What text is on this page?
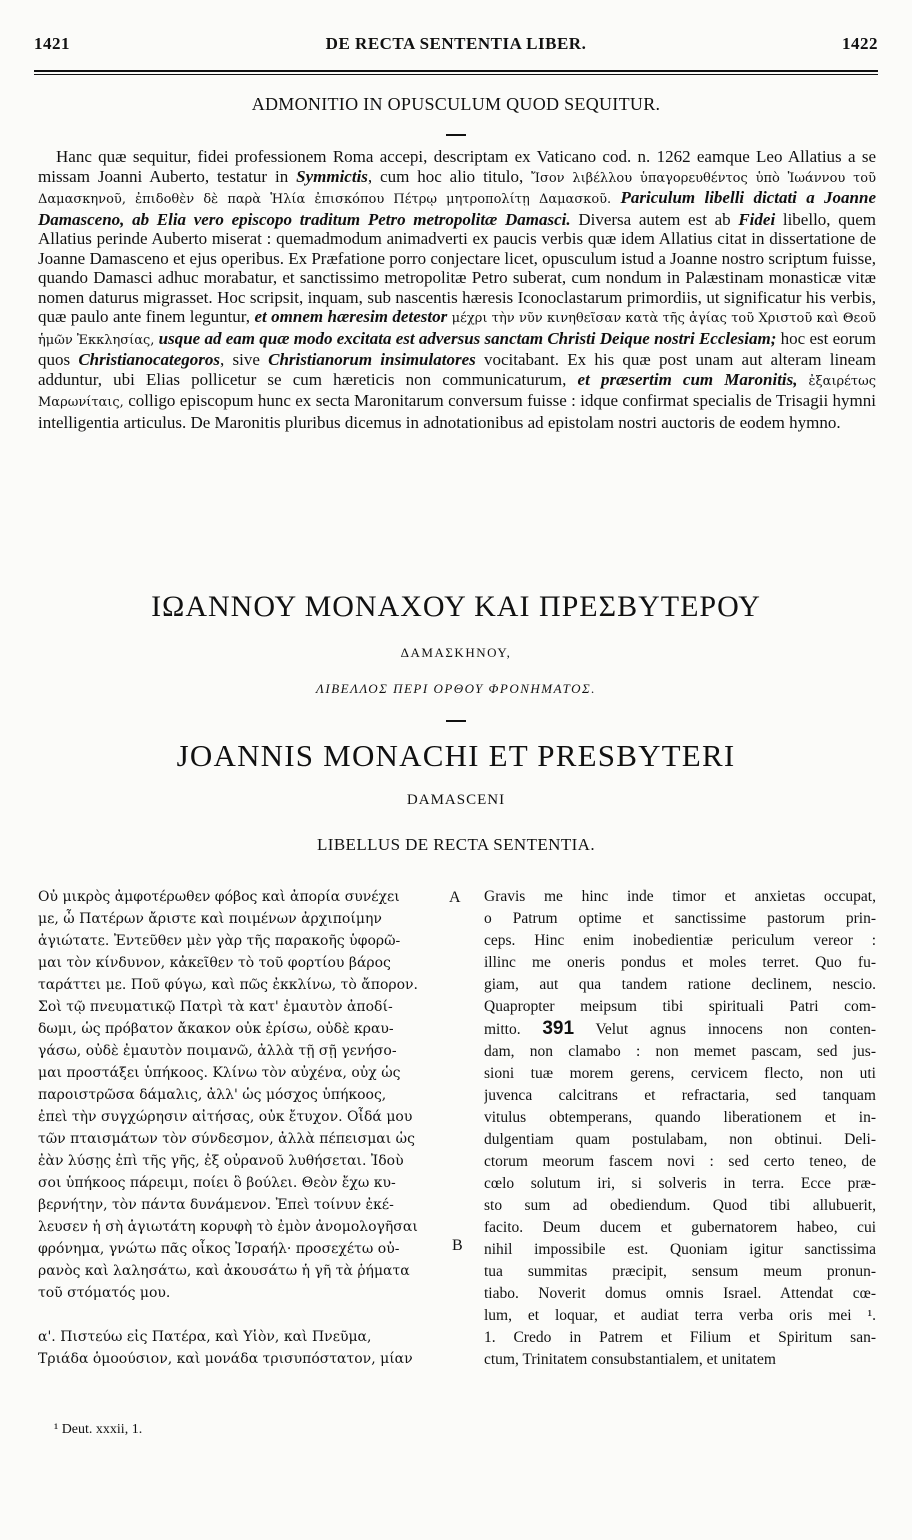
1421	DE RECTA SENTENTIA LIBER.	1422
ADMONITIO IN OPUSCULUM QUOD SEQUITUR.

Hanc quæ sequitur, fidei professionem Roma accepi, descriptam ex Vaticano cod. n. 1262 eamque Leo Allatius a se missam Joanni Auberto, testatur in Symmictis, cum hoc alio titulo, Ἴσον λιβέλλου ὑπαγορευθέντος ὑπὸ Ἰωάννου τοῦ Δαμασκηνοῦ, ἐπιδοθὲν δὲ παρὰ Ἡλία ἐπισκόπου Πέτρῳ μητροπολίτῃ Δαμασκοῦ. Pariculum libelli dictati a Joanne Damasceno, ab Elia vero episcopo traditum Petro metropolitæ Damasci. Diversa autem est ab Fidei libello, quem Allatius perinde Auberto miserat : quemadmodum animadverti ex paucis verbis quæ idem Allatius citat in dissertatione de Joanne Damasceno et ejus operibus. Ex Præfatione porro conjectare licet, opusculum istud a Joanne nostro scriptum fuisse, quando Damasci adhuc morabatur, et sanctissimo metropolitæ Petro suberat, cum nondum in Palæstinam monasticæ vitæ nomen daturus migrasset. Hoc scripsit, inquam, sub nascentis hæresis Iconoclastarum primordiis, ut significatur his verbis, quæ paulo ante finem leguntur, et omnem hæresim detestor μέχρι τὴν νῦν κινηθεῖσαν κατὰ τῆς ἁγίας τοῦ Χριστοῦ καὶ Θεοῦ ἡμῶν Ἐκκλησίας, usque ad eam quæ modo excitata est adversus sanctam Christi Deique nostri Ecclesiam; hoc est eorum quos Christianocategoros, sive Christianorum insimulatores vocitabant. Ex his quæ post unam aut alteram lineam adduntur, ubi Elias pollicetur se cum hæreticis non communicaturum, et præsertim cum Maronitis, ἐξαιρέτως Μαρωνίταις, colligo episcopum hunc ex secta Maronitarum conversum fuisse : idque confirmat specialis de Trisagii hymni intelligentia articulus. De Maronitis pluribus dicemus in adnotationibus ad epistolam nostri auctoris de eodem hymno.

ΙΩΑΝΝΟΥ ΜΟΝΑΧΟΥ ΚΑΙ ΠΡΕΣΒΥΤΕΡΟΥ
ΔΑΜΑΣΚΗΝΟΥ,
ΛΙΒΕΛΛΟΣ ΠΕΡΙ ΟΡΘΟΥ ΦΡΟΝΗΜΑΤΟΣ.
JOANNIS MONACHI ET PRESBYTERI
DAMASCENI
LIBELLUS DE RECTA SENTENTIA.
Οὐ μικρὸς ἀμφοτέρωθεν φόβος καὶ ἀπορία συνέχει
με, ὦ Πατέρων ἄριστε καὶ ποιμένων ἀρχιποίμην
ἁγιώτατε. Ἐντεῦθεν μὲν γὰρ τῆς παρακοῆς ὑφορῶ-
μαι τὸν κίνδυνον, κἀκεῖθεν τὸ τοῦ φορτίου βάρος
ταράττει με. Ποῦ φύγω, καὶ πῶς ἐκκλίνω, τὸ ἄπορον.
Σοὶ τῷ πνευματικῷ Πατρὶ τὰ κατ' ἐμαυτὸν ἀποδί-
δωμι, ὡς πρόβατον ἄκακον οὐκ ἐρίσω, οὐδὲ κραυ-
γάσω, οὐδὲ ἐμαυτὸν ποιμανῶ, ἀλλὰ τῇ σῇ γενήσο-
μαι προστάξει ὑπήκοος. Κλίνω τὸν αὐχένα, οὐχ ὡς
παροιστρῶσα δάμαλις, ἀλλ' ὡς μόσχος ὑπήκοος,
ἐπεὶ τὴν συγχώρησιν αἰτήσας, οὐκ ἔτυχον. Οἶδά μου
τῶν πταισμάτων τὸν σύνδεσμον, ἀλλὰ πέπεισμαι ὡς
ἐὰν λύσῃς ἐπὶ τῆς γῆς, ἐξ οὐρανοῦ λυθήσεται. Ἰδοὺ
σοι ὑπήκοος πάρειμι, ποίει ὃ βούλει. Θεὸν ἔχω κυ-
βερνήτην, τὸν πάντα δυνάμενον. Ἐπεὶ τοίνυν ἐκέ-
λευσεν ἡ σὴ ἁγιωτάτη κορυφὴ τὸ ἐμὸν ἀνομολογῆσαι
φρόνημα, γνώτω πᾶς οἶκος Ἰσραήλ· προσεχέτω οὐ-
ρανὸς καὶ λαλησάτω, καὶ ἀκουσάτω ἡ γῆ τὰ ῥήματα
τοῦ στόματός μου.

α'. Πιστεύω εἰς Πατέρα, καὶ Υἱὸν, καὶ Πνεῦμα,
Τριάδα ὁμοούσιον, καὶ μονάδα τρισυπόστατον, μίαν
Gravis me hinc inde timor et anxietas occupat,
o Patrum optime et sanctissime pastorum prin-
ceps. Hinc enim inobedientiæ periculum vereor :
illinc me oneris pondus et moles terret. Quo fu-
giam, aut qua tandem ratione declinem, nescio.
Quapropter meipsum tibi spirituali Patri com-
mitto. 391 Velut agnus innocens non conten-
dam, non clamabo : non memet pascam, sed jus-
sioni tuæ morem gerens, cervicem flecto, non uti
juvenca calcitrans et refractaria, sed tanquam
vitulus obtemperans, quando liberationem et in-
dulgentiam quam postulabam, non obtinui. Deli-
ctorum meorum fascem novi : sed certo teneo, de
cœlo solutum iri, si solveris in terra. Ecce præ-
sto sum ad obediendum. Quod tibi allubuerit,
facito. Deum ducem et gubernatorem habeo, cui
nihil impossibile est. Quoniam igitur sanctissima
tua summitas præcipit, sensum meum pronun-
tiabo. Noverit domus omnis Israel. Attendat cœ-
lum, et loquar, et audiat terra verba oris mei ¹.
1. Credo in Patrem et Filium et Spiritum san-
ctum, Trinitatem consubstantialem, et unitatem
A
B
¹ Deut. xxxii, 1.
